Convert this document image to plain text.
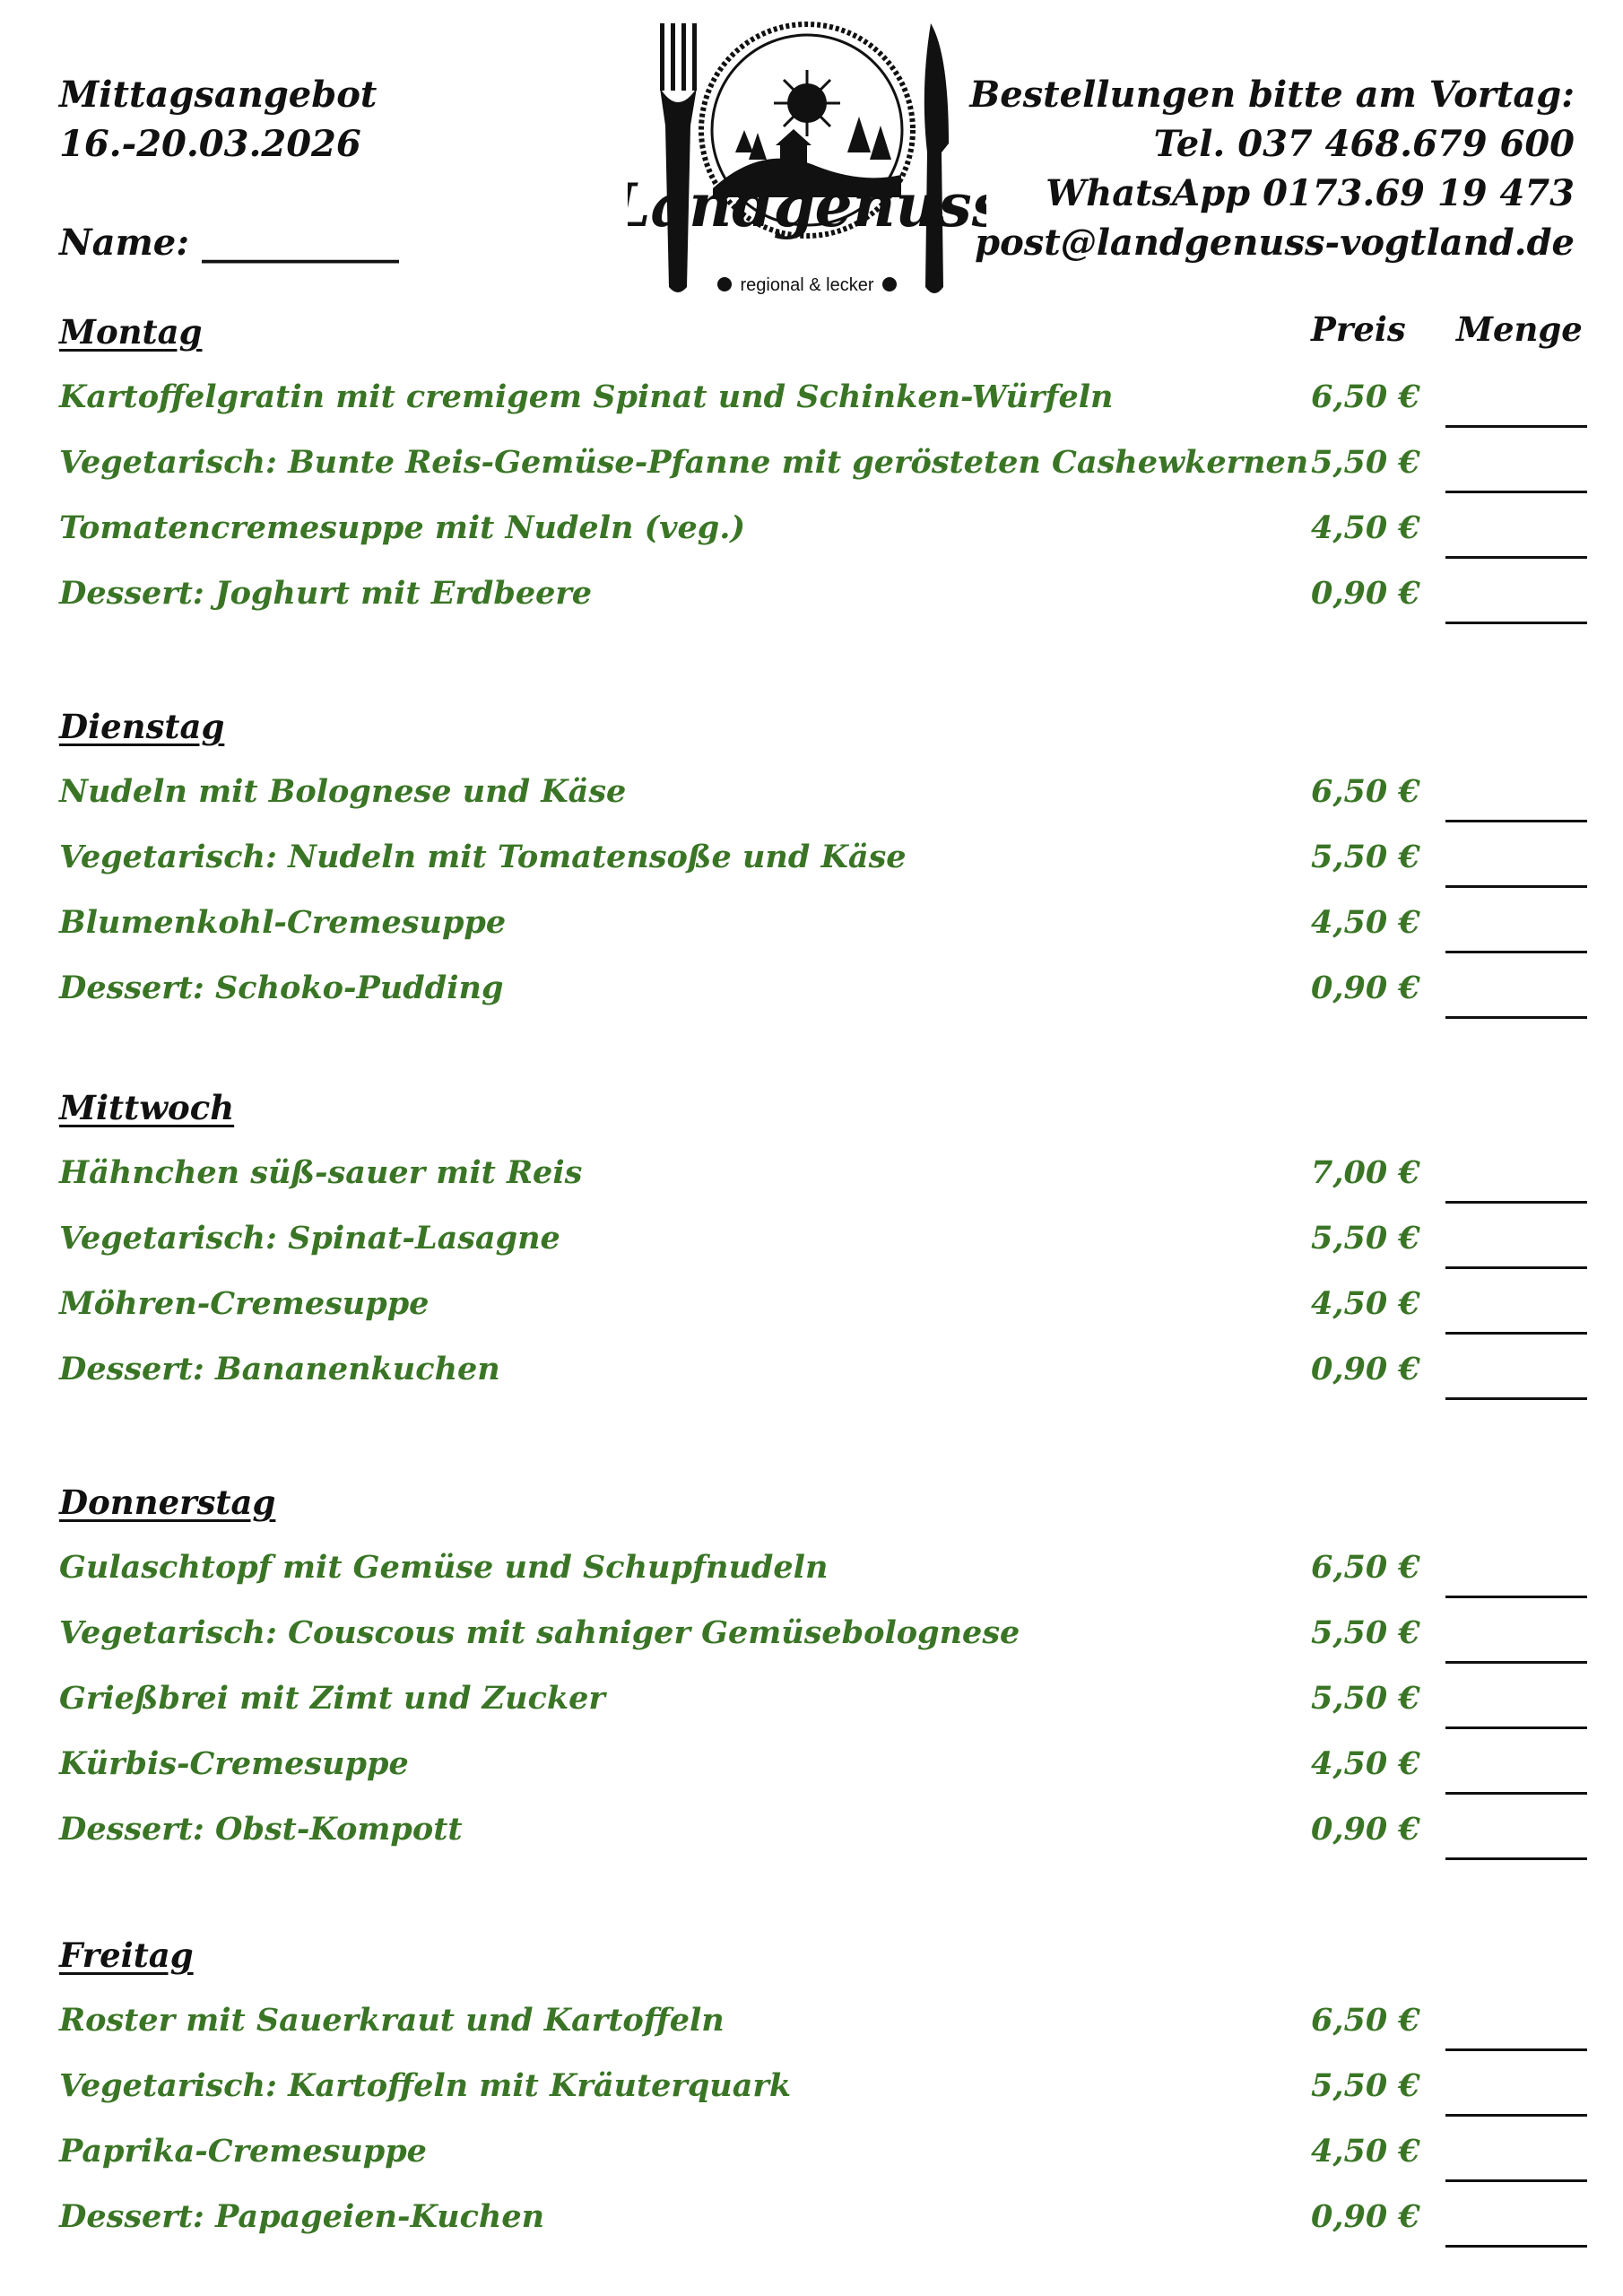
Mittagsangebot
16.-20.03.2026
Name: ___________
Landgenuss
regional & lecker
Bestellungen bitte am Vortag:
Tel. 037 468.679 600
WhatsApp 0173.69 19 473
post@landgenuss-vogtland.de
Preis Menge
Montag
Kartoffelgratin mit cremigem Spinat und Schinken-Würfeln	6,50 €
Vegetarisch: Bunte Reis-Gemüse-Pfanne mit gerösteten Cashewkernen 5,50 €
Tomatencremesuppe mit Nudeln (veg.)	4,50 €
Dessert: Joghurt mit Erdbeere	0,90 €
Dienstag
Nudeln mit Bolognese und Käse	6,50 €
Vegetarisch: Nudeln mit Tomatensoße und Käse	5,50 €
Blumenkohl-Cremesuppe	4,50 €
Dessert: Schoko-Pudding	0,90 €
Mittwoch
Hähnchen süß-sauer mit Reis	7,00 €
Vegetarisch: Spinat-Lasagne	5,50 €
Möhren-Cremesuppe	4,50 €
Dessert: Bananenkuchen	0,90 €
Donnerstag
Gulaschtopf mit Gemüse und Schupfnudeln	6,50 €
Vegetarisch: Couscous mit sahniger Gemüsebolognese	5,50 €
Grießbrei mit Zimt und Zucker	5,50 €
Kürbis-Cremesuppe	4,50 €
Dessert: Obst-Kompott	0,90 €
Freitag
Roster mit Sauerkraut und Kartoffeln	6,50 €
Vegetarisch: Kartoffeln mit Kräuterquark	5,50 €
Paprika-Cremesuppe	4,50 €
Dessert: Papageien-Kuchen	0,90 €
